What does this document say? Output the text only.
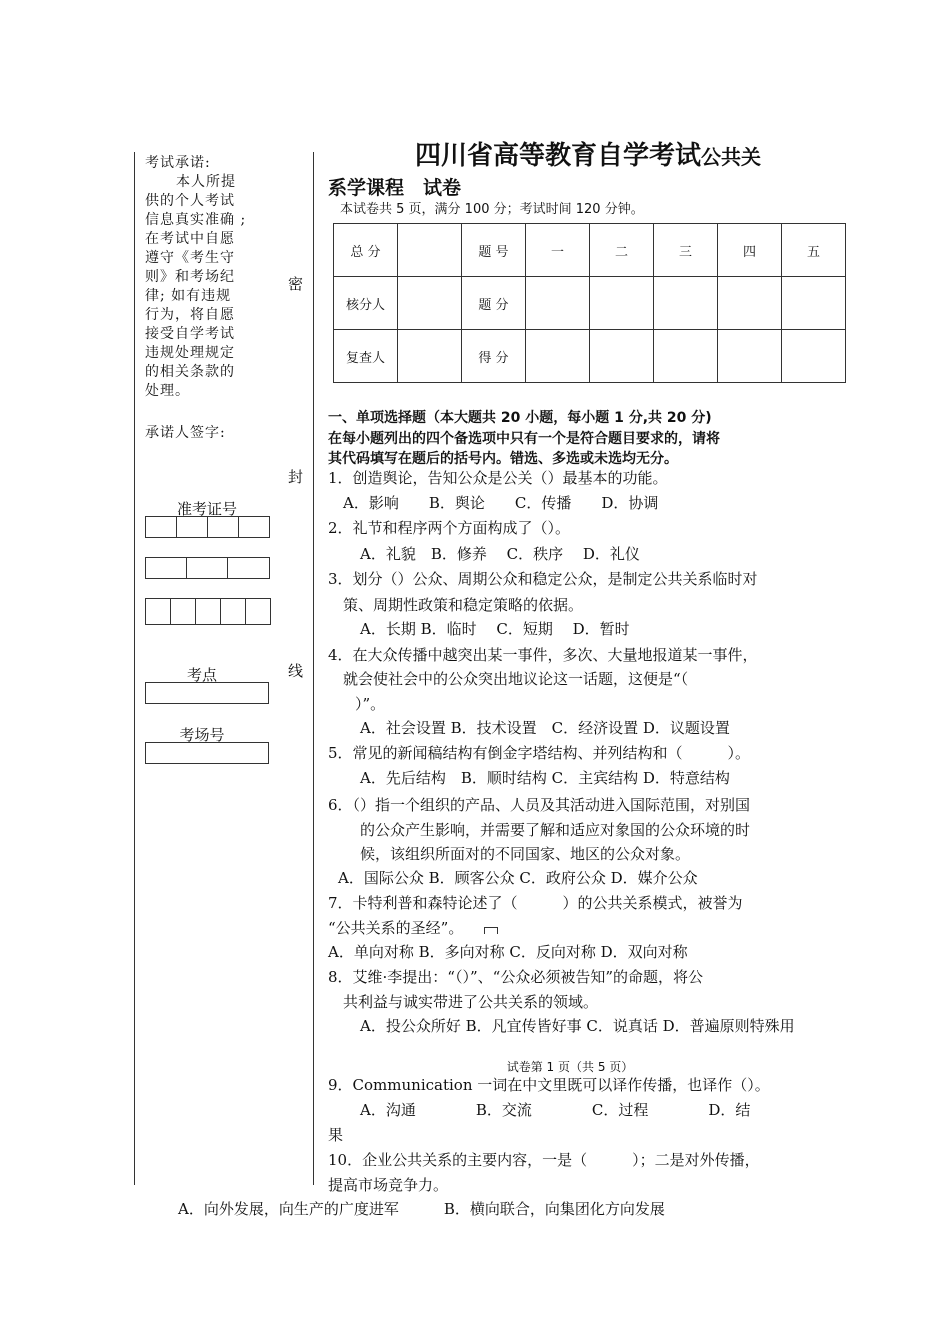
考试承诺:

本人所提

供的个人考试

信息真实准确 ;

在考试中自愿

遵守《考生守

则》和考场纪

律; 如有违规

行为，将自愿

接受自学考试

违规处理规定

的相关条款的

处理。

承诺人签字:
准考证号
考点
考场号
密
封
线
四川省高等教育自学考试公共关
系学课程　试卷
本试卷共 5 页，满分 100 分；考试时间 120 分钟。
总 分		题 号	一	二	三	四	五
核分人		题 分					
复查人		得 分					
一、单项选择题（本大题共 20 小题，每小题 1 分,共 20 分)
在每小题列出的四个备选项中只有一个是符合题目要求的，请将
其代码填写在题后的括号内。错选、多选或未选均无分。
1．创造舆论，告知公众是公关（）最基本的功能。
A．影响　　B．舆论　　C．传播　　D．协调
2．礼节和程序两个方面构成了（）。
A．礼貌　B．修养　 C．秩序　 D．礼仪
3．划分（）公众、周期公众和稳定公众，是制定公共关系临时对
策、周期性政策和稳定策略的依据。
A．长期 B．临时　 C．短期　 D．暂时
4．在大众传播中越突出某一事件，多次、大量地报道某一事件，
就会使社会中的公众突出地议论这一话题，这便是“（
）”。
A．社会设置 B．技术设置　C．经济设置 D．议题设置
5．常见的新闻稿结构有倒金字塔结构、并列结构和（　　　）。
A．先后结构　B．顺时结构 C．主宾结构 D．特意结构
6．（）指一个组织的产品、人员及其活动进入国际范围，对别国
的公众产生影响，并需要了解和适应对象国的公众环境的时
候，该组织所面对的不同国家、地区的公众对象。
A．国际公众 B．顾客公众 C．政府公众 D．媒介公众
7．卡特利普和森特论述了（　　　）的公共关系模式，被誉为
“公共关系的圣经”。
A．单向对称 B．多向对称 C．反向对称 D．双向对称
8．艾维·李提出：“（）”、“公众必须被告知”的命题，将公
共利益与诚实带进了公共关系的领域。
A．投公众所好 B．凡宜传皆好事 C．说真话 D．普遍原则特殊用
试卷第 1 页（共 5 页）
9．Communication 一词在中文里既可以译作传播，也译作（）。
A．沟通　　　　B．交流　　　　C．过程　　　　D．结
果
10．企业公共关系的主要内容，一是（　　　）；二是对外传播，
提高市场竞争力。
A．向外发展，向生产的广度进军　　　B．横向联合，向集团化方向发展
